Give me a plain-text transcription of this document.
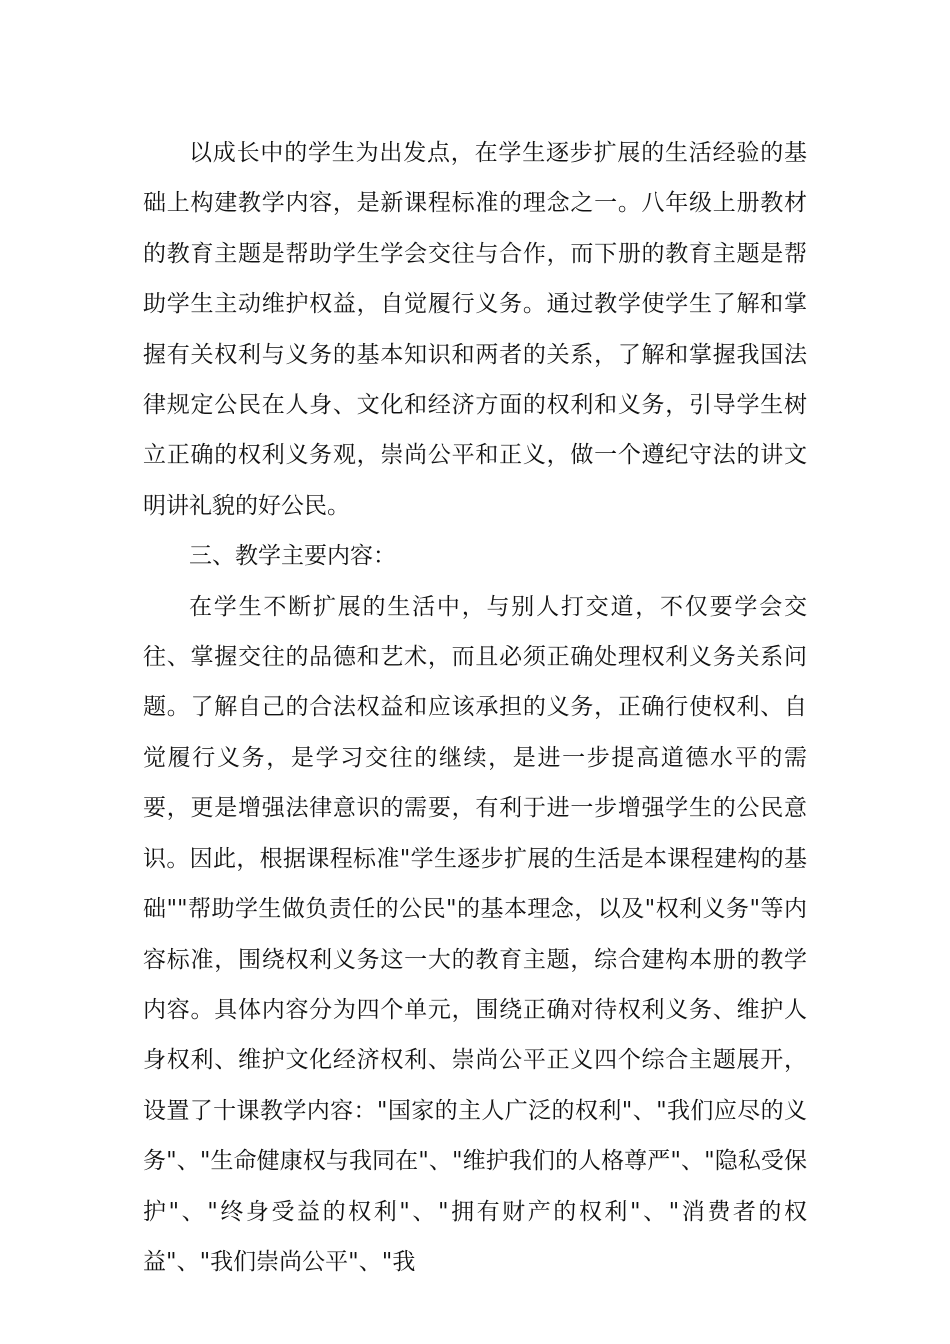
以成长中的学生为出发点，在学生逐步扩展的生活经验的基础上构建教学内容，是新课程标准的理念之一。八年级上册教材的教育主题是帮助学生学会交往与合作，而下册的教育主题是帮助学生主动维护权益，自觉履行义务。通过教学使学生了解和掌握有关权利与义务的基本知识和两者的关系，了解和掌握我国法律规定公民在人身、文化和经济方面的权利和义务，引导学生树立正确的权利义务观，崇尚公平和正义，做一个遵纪守法的讲文明讲礼貌的好公民。

三、教学主要内容：

在学生不断扩展的生活中，与别人打交道，不仅要学会交往、掌握交往的品德和艺术，而且必须正确处理权利义务关系问题。了解自己的合法权益和应该承担的义务，正确行使权利、自觉履行义务，是学习交往的继续，是进一步提高道德水平的需要，更是增强法律意识的需要，有利于进一步增强学生的公民意识。因此，根据课程标准"学生逐步扩展的生活是本课程建构的基础""帮助学生做负责任的公民"的基本理念，以及"权利义务"等内容标准，围绕权利义务这一大的教育主题，综合建构本册的教学内容。具体内容分为四个单元，围绕正确对待权利义务、维护人身权利、维护文化经济权利、崇尚公平正义四个综合主题展开，设置了十课教学内容："国家的主人广泛的权利"、"我们应尽的义务"、"生命健康权与我同在"、"维护我们的人格尊严"、"隐私受保护"、"终身受益的权利"、"拥有财产的权利"、"消费者的权益"、"我们崇尚公平"、"我
